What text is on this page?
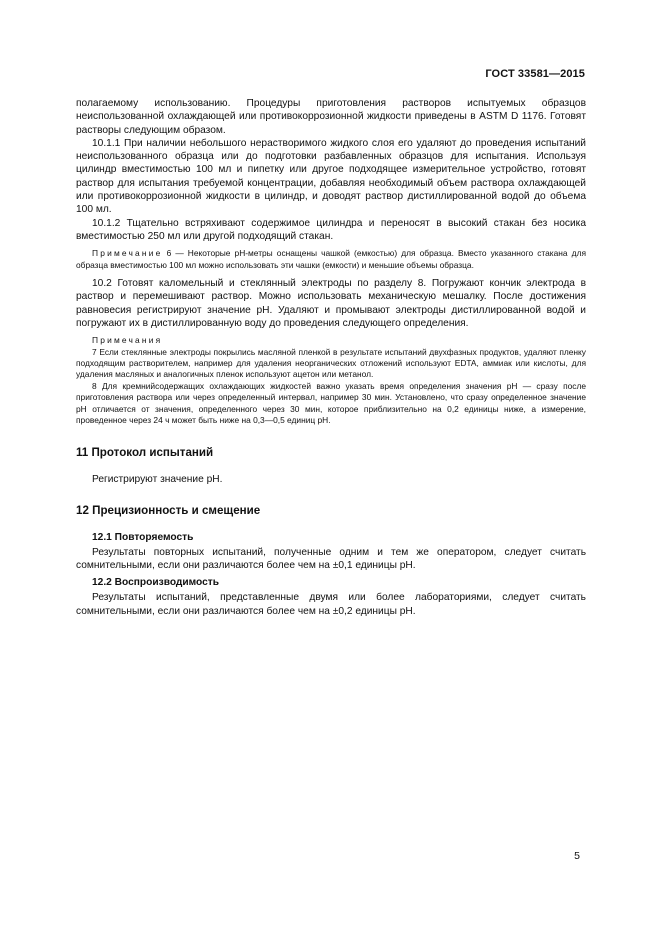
ГОСТ 33581—2015

полагаемому использованию. Процедуры приготовления растворов испытуемых образцов неиспользованной охлаждающей или противокоррозионной жидкости приведены в ASTM D 1176. Готовят растворы следующим образом.

10.1.1 При наличии небольшого нерастворимого жидкого слоя его удаляют до проведения испытаний неиспользованного образца или до подготовки разбавленных образцов для испытания. Используя цилиндр вместимостью 100 мл и пипетку или другое подходящее измерительное устройство, готовят раствор для испытания требуемой концентрации, добавляя необходимый объем раствора охлаждающей или противокоррозионной жидкости в цилиндр, и доводят раствор дистиллированной водой до объема 100 мл.

10.1.2 Тщательно встряхивают содержимое цилиндра и переносят в высокий стакан без носика вместимостью 250 мл или другой подходящий стакан.

Примечание 6 — Некоторые рН-метры оснащены чашкой (емкостью) для образца. Вместо указанного стакана для образца вместимостью 100 мл можно использовать эти чашки (емкости) и меньшие объемы образца.

10.2 Готовят каломельный и стеклянный электроды по разделу 8. Погружают кончик электрода в раствор и перемешивают раствор. Можно использовать механическую мешалку. После достижения равновесия регистрируют значение рН. Удаляют и промывают электроды дистиллированной водой и погружают их в дистиллированную воду до проведения следующего определения.

Примечания

7 Если стеклянные электроды покрылись масляной пленкой в результате испытаний двухфазных продуктов, удаляют пленку подходящим растворителем, например для удаления неорганических отложений используют EDTA, аммиак или кислоты, для удаления масляных и аналогичных пленок используют ацетон или метанол.

8 Для кремнийсодержащих охлаждающих жидкостей важно указать время определения значения рН — сразу после приготовления раствора или через определенный интервал, например 30 мин. Установлено, что сразу определенное значение рН отличается от значения, определенного через 30 мин, которое приблизительно на 0,2 единицы ниже, а измерение, проведенное через 24 ч может быть ниже на 0,3—0,5 единиц рН.

11 Протокол испытаний

Регистрируют значение рН.

12 Прецизионность и смещение
12.1 Повторяемость

Результаты повторных испытаний, полученные одним и тем же оператором, следует считать сомнительными, если они различаются более чем на ±0,1 единицы рН.

12.2 Воспроизводимость

Результаты испытаний, представленные двумя или более лабораториями, следует считать сомнительными, если они различаются более чем на ±0,2 единицы рН.

5
